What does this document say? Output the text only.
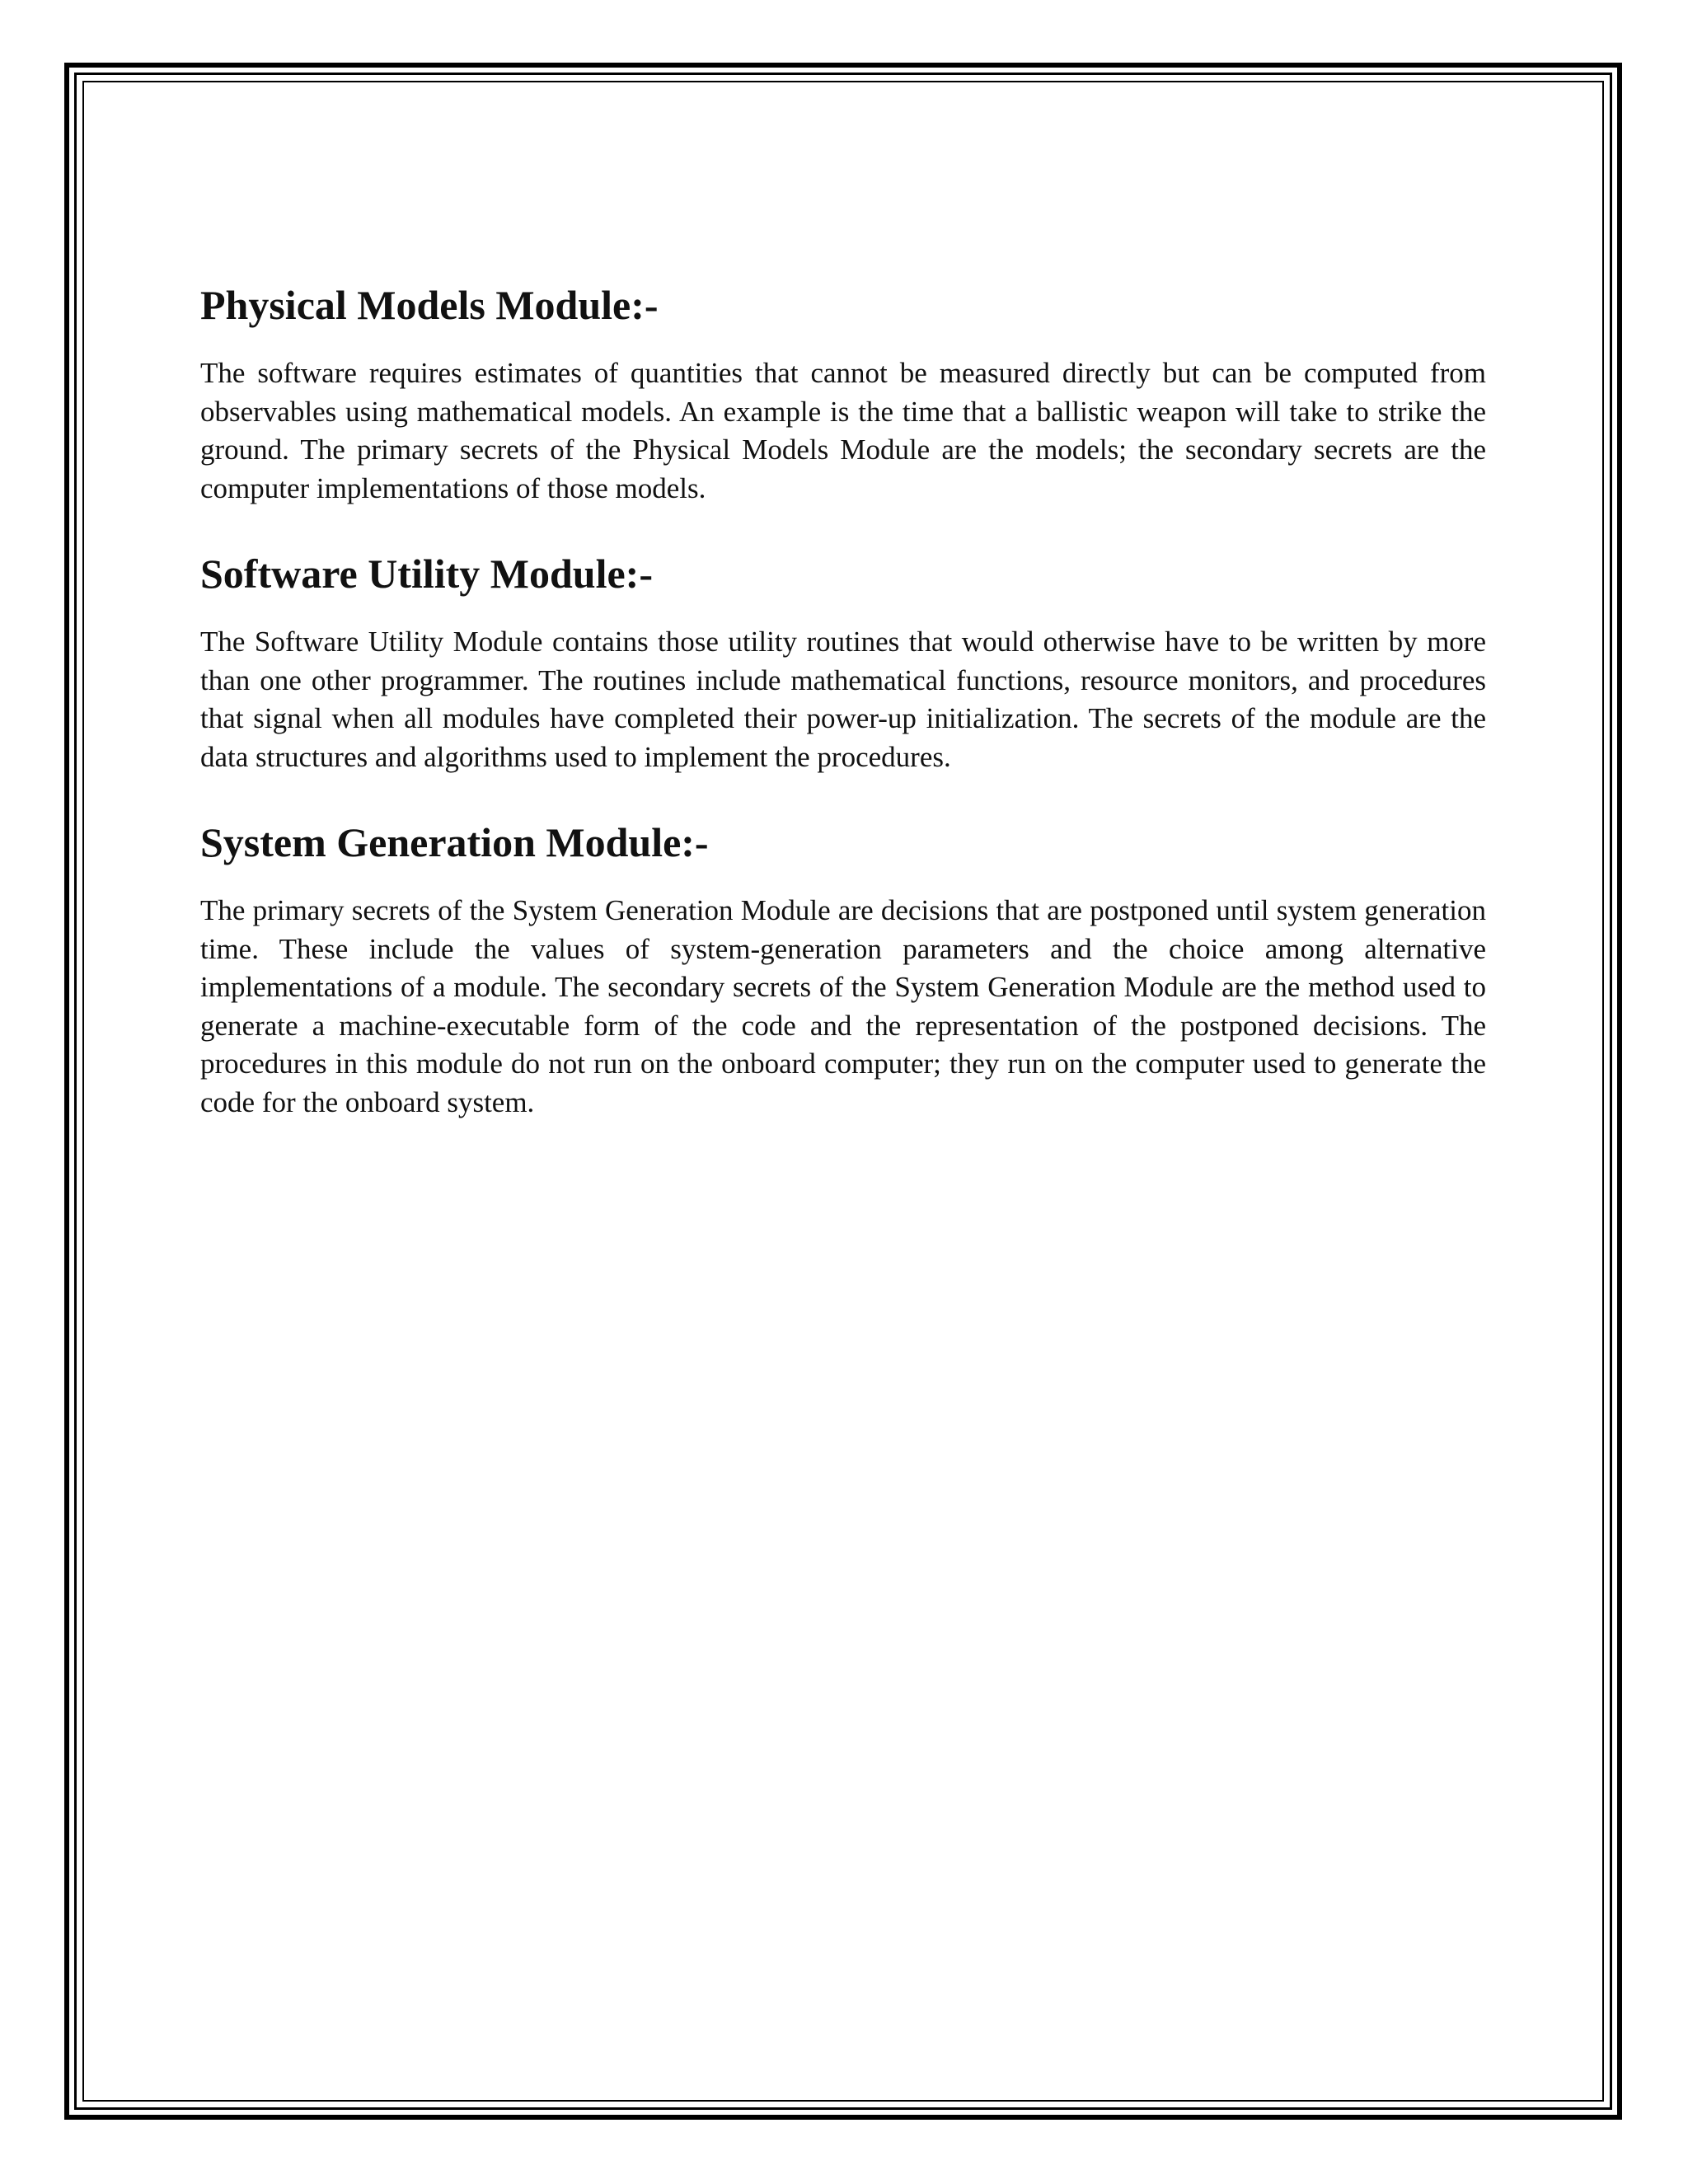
Physical Models Module:-

The software requires estimates of quantities that cannot be measured directly but can be computed from observables using mathematical models. An example is the time that a ballistic weapon will take to strike the ground. The primary secrets of the Physical Models Module are the models; the secondary secrets are the computer implementations of those models.

Software Utility Module:-

The Software Utility Module contains those utility routines that would otherwise have to be written by more than one other programmer. The routines include mathematical functions, resource monitors, and procedures that signal when all modules have completed their power-up initialization. The secrets of the module are the data structures and algorithms used to implement the procedures.

System Generation Module:-

The primary secrets of the System Generation Module are decisions that are postponed until system generation time. These include the values of system-generation parameters and the choice among alternative implementations of a module. The secondary secrets of the System Generation Module are the method used to generate a machine-executable form of the code and the representation of the postponed decisions. The procedures in this module do not run on the onboard computer; they run on the computer used to generate the code for the onboard system.
